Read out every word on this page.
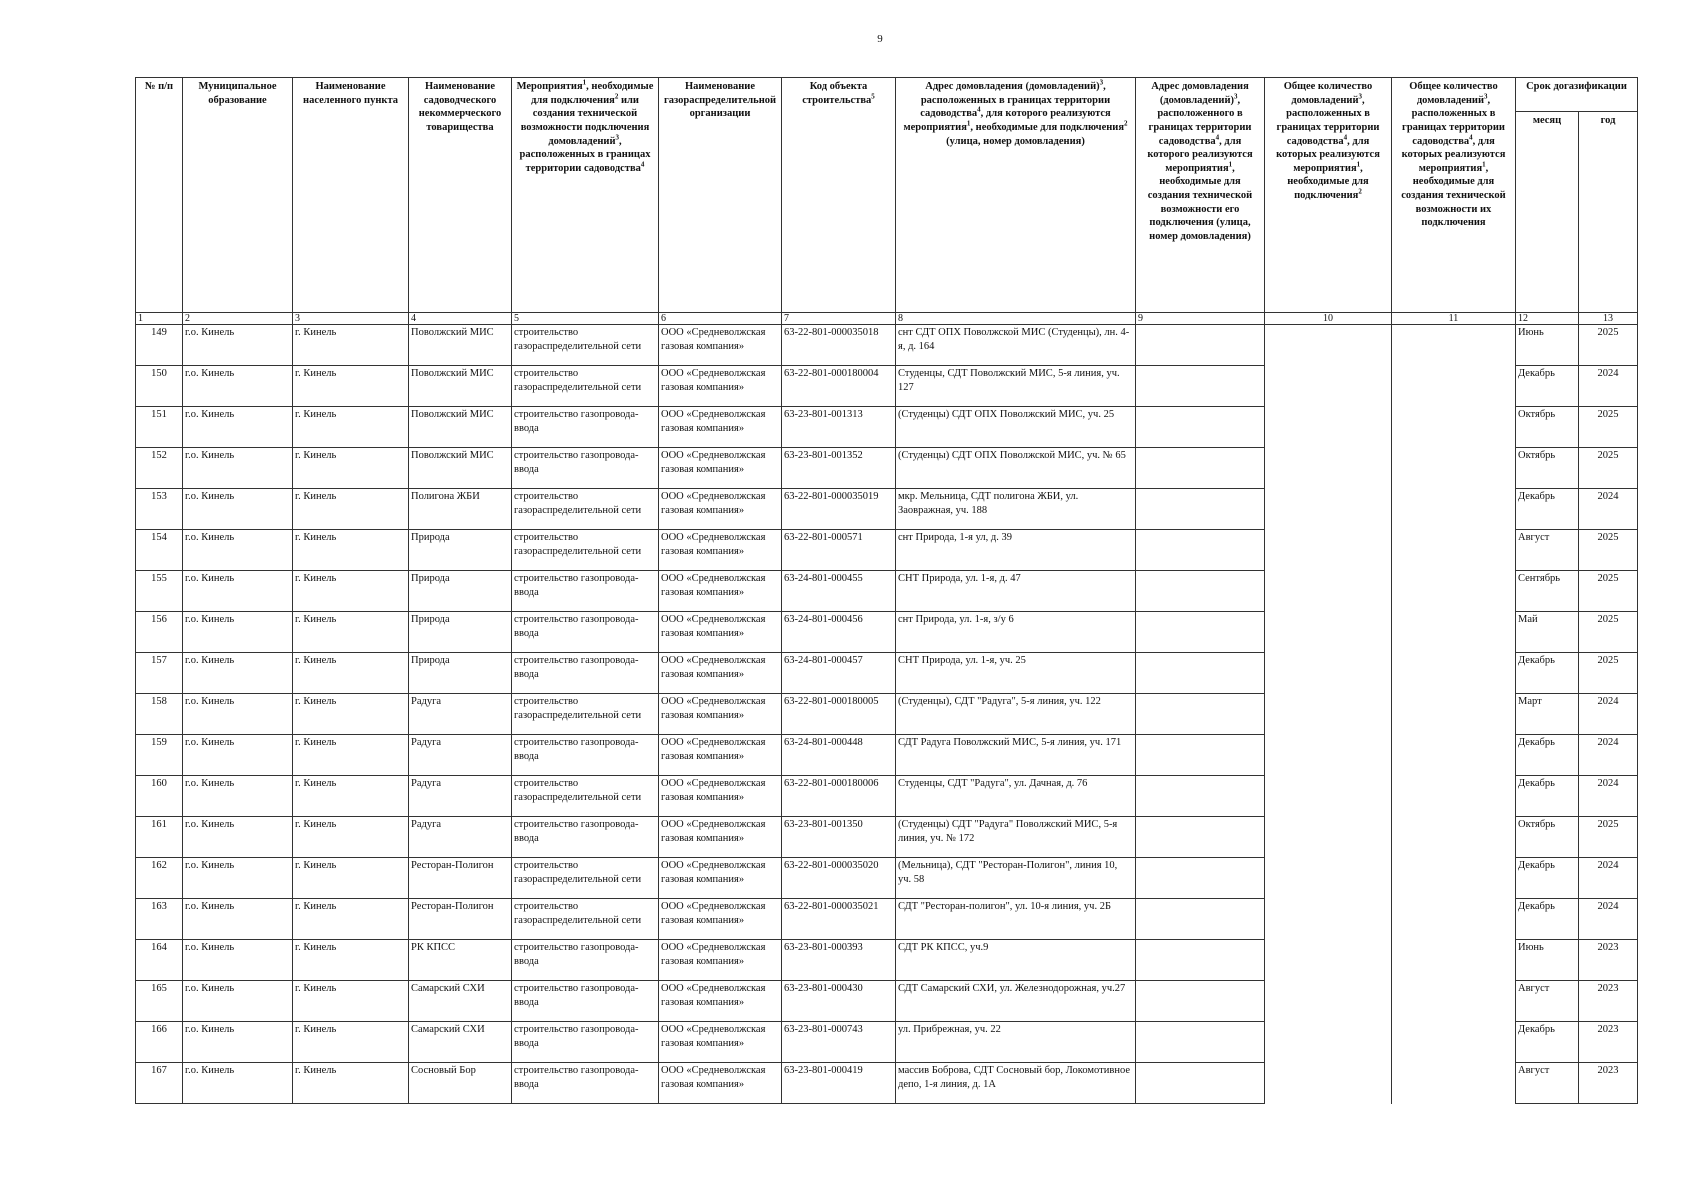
9
№ п/п	Муниципальное образование	Наименование населенного пункта	Наименование садоводческого некоммерческого товарищества	Мероприятия$^1$, необходимые для подключения$^2$ или создания технической возможности подключения домовладений$^3$, расположенных в границах территории садоводства$^4$	Наименование газораспределительной организации	Код объекта строительства$^5$	Адрес домовладения (домовладений)$^3$, расположенных в границах территории садоводства$^4$, для которого реализуются мероприятия$^1$, необходимые для подключения$^2$ (улица, номер домовладения)	Адрес домовладения (домовладений)$^3$, расположенного в границах территории садоводства$^4$, для которого реализуются мероприятия$^1$, необходимые для создания технической возможности его подключения (улица, номер домовладения)	Общее количество домовладений$^3$, расположенных в границах территории садоводства$^4$, для которых реализуются мероприятия$^1$, необходимые для подключения$^2$	Общее количество домовладений$^3$, расположенных в границах территории садоводства$^4$, для которых реализуются мероприятия$^1$, необходимые для создания технической возможности их подключения	Срок догазификации	
											месяц	год
1	2	3	4	5	6	7	8	9	10	11	12	13
149	г.о. Кинель	г. Кинель	Поволжский МИС	строительство газораспределительной сети	ООО «Средневолжская газовая компания»	63-22-801-000035018	снт СДТ ОПХ Поволжской МИС (Студенцы), лн. 4-я, д. 164				Июнь	2025
150	г.о. Кинель	г. Кинель	Поволжский МИС	строительство газораспределительной сети	ООО «Средневолжская газовая компания»	63-22-801-000180004	Студенцы, СДТ Поволжский МИС, 5-я линия, уч. 127				Декабрь	2024
151	г.о. Кинель	г. Кинель	Поволжский МИС	строительство газопровода-ввода	ООО «Средневолжская газовая компания»	63-23-801-001313	(Студенцы) СДТ ОПХ Поволжский МИС, уч. 25				Октябрь	2025
152	г.о. Кинель	г. Кинель	Поволжский МИС	строительство газопровода-ввода	ООО «Средневолжская газовая компания»	63-23-801-001352	(Студенцы) СДТ ОПХ Поволжской МИС, уч. № 65				Октябрь	2025
153	г.о. Кинель	г. Кинель	Полигона ЖБИ	строительство газораспределительной сети	ООО «Средневолжская газовая компания»	63-22-801-000035019	мкр. Мельница, СДТ полигона ЖБИ, ул. Заовражная, уч. 188				Декабрь	2024
154	г.о. Кинель	г. Кинель	Природа	строительство газораспределительной сети	ООО «Средневолжская газовая компания»	63-22-801-000571	снт Природа, 1-я ул, д. 39				Август	2025
155	г.о. Кинель	г. Кинель	Природа	строительство газопровода-ввода	ООО «Средневолжская газовая компания»	63-24-801-000455	СНТ Природа, ул. 1-я, д. 47				Сентябрь	2025
156	г.о. Кинель	г. Кинель	Природа	строительство газопровода-ввода	ООО «Средневолжская газовая компания»	63-24-801-000456	снт Природа, ул. 1-я, з/у 6				Май	2025
157	г.о. Кинель	г. Кинель	Природа	строительство газопровода-ввода	ООО «Средневолжская газовая компания»	63-24-801-000457	СНТ Природа, ул. 1-я, уч. 25				Декабрь	2025
158	г.о. Кинель	г. Кинель	Радуга	строительство газораспределительной сети	ООО «Средневолжская газовая компания»	63-22-801-000180005	(Студенцы), СДТ "Радуга", 5-я линия, уч. 122				Март	2024
159	г.о. Кинель	г. Кинель	Радуга	строительство газопровода-ввода	ООО «Средневолжская газовая компания»	63-24-801-000448	СДТ Радуга Поволжский МИС, 5-я линия, уч. 171				Декабрь	2024
160	г.о. Кинель	г. Кинель	Радуга	строительство газораспределительной сети	ООО «Средневолжская газовая компания»	63-22-801-000180006	Студенцы, СДТ "Радуга", ул. Дачная, д. 76				Декабрь	2024
161	г.о. Кинель	г. Кинель	Радуга	строительство газопровода-ввода	ООО «Средневолжская газовая компания»	63-23-801-001350	(Студенцы) СДТ "Радуга" Поволжский МИС, 5-я линия, уч. № 172				Октябрь	2025
162	г.о. Кинель	г. Кинель	Ресторан-Полигон	строительство газораспределительной сети	ООО «Средневолжская газовая компания»	63-22-801-000035020	(Мельница), СДТ "Ресторан-Полигон", линия 10, уч. 58				Декабрь	2024
163	г.о. Кинель	г. Кинель	Ресторан-Полигон	строительство газораспределительной сети	ООО «Средневолжская газовая компания»	63-22-801-000035021	СДТ "Ресторан-полигон", ул. 10-я линия, уч. 2Б				Декабрь	2024
164	г.о. Кинель	г. Кинель	РК КПСС	строительство газопровода-ввода	ООО «Средневолжская газовая компания»	63-23-801-000393	СДТ РК КПСС, уч.9				Июнь	2023
165	г.о. Кинель	г. Кинель	Самарский СХИ	строительство газопровода-ввода	ООО «Средневолжская газовая компания»	63-23-801-000430	СДТ Самарский СХИ, ул. Железнодорожная, уч.27				Август	2023
166	г.о. Кинель	г. Кинель	Самарский СХИ	строительство газопровода-ввода	ООО «Средневолжская газовая компания»	63-23-801-000743	ул. Прибрежная, уч. 22				Декабрь	2023
167	г.о. Кинель	г. Кинель	Сосновый Бор	строительство газопровода-ввода	ООО «Средневолжская газовая компания»	63-23-801-000419	массив Боброва, СДТ Сосновый бор, Локомотивное депо, 1-я линия, д. 1А				Август	2023
